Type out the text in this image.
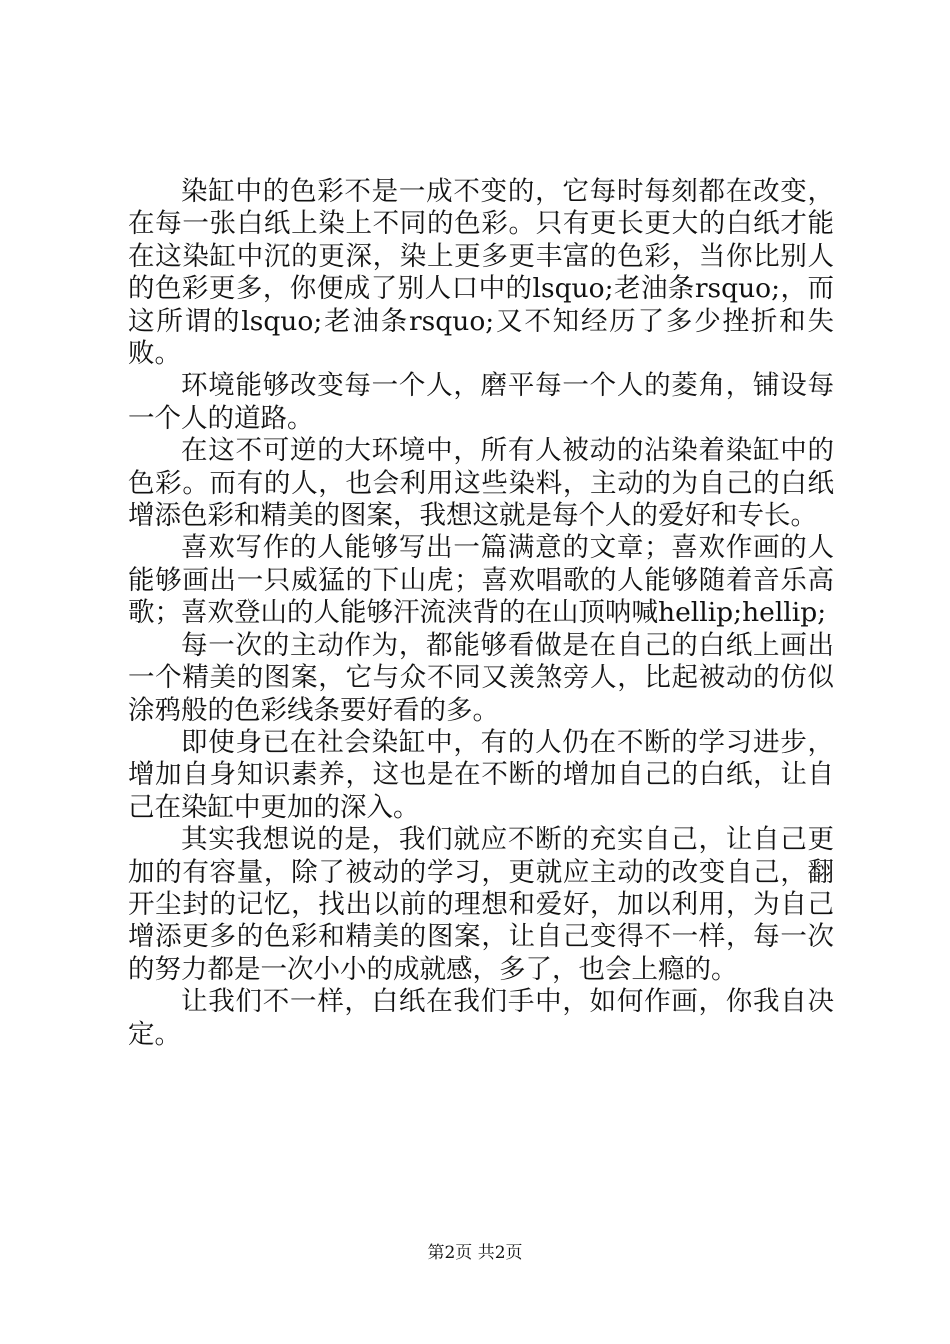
染缸中的色彩不是一成不变的，它每时每刻都在改变，在每一张白纸上染上不同的色彩。只有更长更大的白纸才能在这染缸中沉的更深，染上更多更丰富的色彩，当你比别人的色彩更多，你便成了别人口中的lsquo;老油条rsquo;，而这所谓的lsquo;老油条rsquo;又不知经历了多少挫折和失败。

环境能够改变每一个人，磨平每一个人的菱角，铺设每一个人的道路。

在这不可逆的大环境中，所有人被动的沾染着染缸中的色彩。而有的人，也会利用这些染料，主动的为自己的白纸增添色彩和精美的图案，我想这就是每个人的爱好和专长。

喜欢写作的人能够写出一篇满意的文章；喜欢作画的人能够画出一只威猛的下山虎；喜欢唱歌的人能够随着音乐高歌；喜欢登山的人能够汗流浃背的在山顶呐喊hellip;hellip;

每一次的主动作为，都能够看做是在自己的白纸上画出一个精美的图案，它与众不同又羡煞旁人，比起被动的仿似涂鸦般的色彩线条要好看的多。

即使身已在社会染缸中，有的人仍在不断的学习进步，增加自身知识素养，这也是在不断的增加自己的白纸，让自己在染缸中更加的深入。

其实我想说的是，我们就应不断的充实自己，让自己更加的有容量，除了被动的学习，更就应主动的改变自己，翻开尘封的记忆，找出以前的理想和爱好，加以利用，为自己增添更多的色彩和精美的图案，让自己变得不一样，每一次的努力都是一次小小的成就感，多了，也会上瘾的。

让我们不一样，白纸在我们手中，如何作画，你我自决定。

第2页 共2页
